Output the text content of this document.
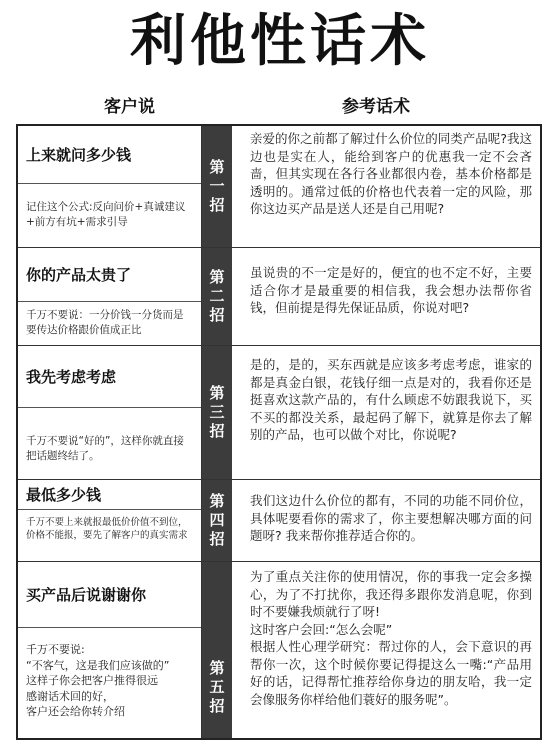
利他性话术
客户说	参考话术
上来就问多少钱
记住这个公式:反向问价+真诚建议+前方有坑+需求引导
第
一
招

亲爱的你之前都了解过什么价位的同类产品呢?我这边也是实在人，能给到客户的优惠我一定不会吝啬，但其实现在各行各业都很内卷，基本价格都是透明的。通常过低的价格也代表着一定的风险，那你这边买产品是送人还是自己用呢?

你的产品太贵了
千万不要说：一分价钱一分货而是要传达价格跟价值成正比
第
二
招

虽说贵的不一定是好的，便宜的也不定不好，主要适合你才是最重要的相信我，我会想办法帮你省钱，但前提是得先保证品质，你说对吧?

我先考虑考虑
千万不要说“好的”，这样你就直接把话题终结了。
第
三
招

是的，是的，买东西就是应该多考虑考虑，谁家的都是真金白银，花钱仔细一点是对的，我看你还是挺喜欢这款产品的，有什么顾虑不妨跟我说下，买不买的都没关系，最起码了解下，就算是你去了解别的产品，也可以做个对比，你说呢?

最低多少钱
千万不要上来就报最低价价值不到位，价格不能报，要先了解客户的真实需求
第
四
招

我们这边什么价位的都有，不同的功能不同价位，具体呢要看你的需求了，你主要想解决哪方面的问题呀? 我来帮你推荐适合你的。

买产品后说谢谢你
千万不要说:
“不客气，这是我们应该做的”
这样子你会把客户推得很远
感谢话术回的好，
客户还会给你转介绍
第
五
招

为了重点关注你的使用情况，你的事我一定会多操心，为了不打扰你，我还得多跟你发消息呢，你到时不要嫌我烦就行了呀!

这时客户会回:“怎么会呢”

根据人性心理学研究：帮过你的人，会下意识的再帮你一次，这个时候你要记得提这么一嘴:“产品用好的话，记得帮忙推荐给你身边的朋友哈，我一定会像服务你样给他们蓑好的服务呢”。
